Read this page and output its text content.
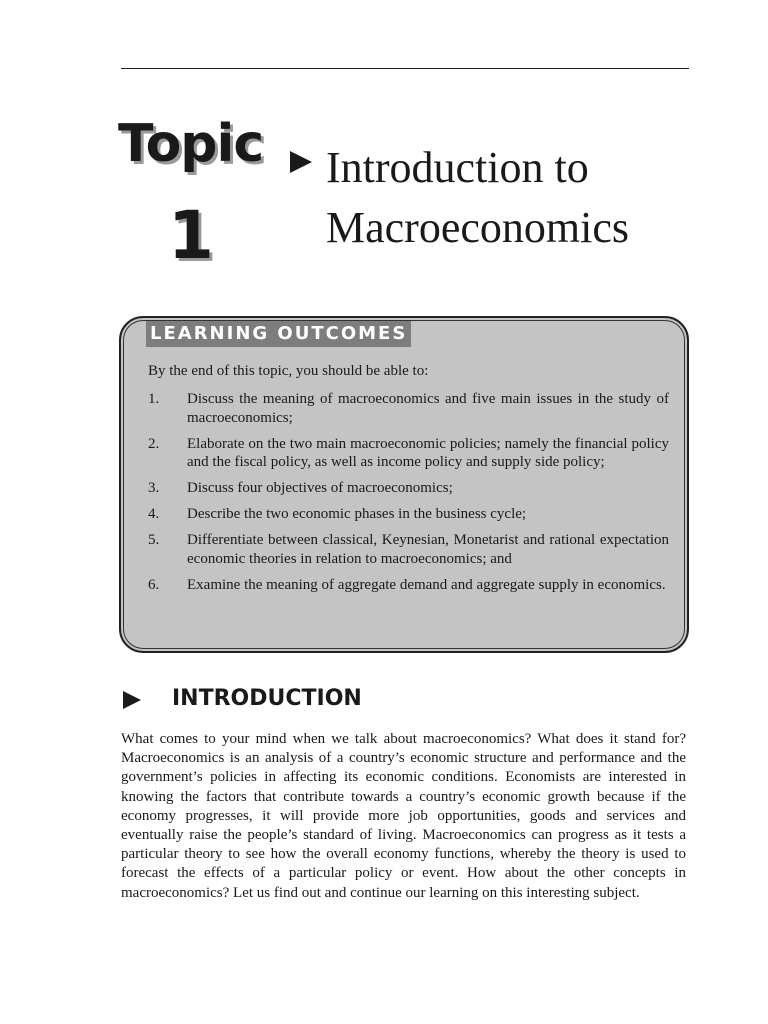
Topic
1
Introduction to
Macroeconomics
LEARNING OUTCOMES
By the end of this topic, you should be able to:
1.	Discuss the meaning of macroeconomics and five main issues in the study of macroeconomics;
2.	Elaborate on the two main macroeconomic policies; namely the financial policy and the fiscal policy, as well as income policy and supply side policy;
3.	Discuss four objectives of macroeconomics;
4.	Describe the two economic phases in the business cycle;
5.	Differentiate between classical, Keynesian, Monetarist and rational expectation economic theories in relation to macroeconomics; and
6.	Examine the meaning of aggregate demand and aggregate supply in economics.
INTRODUCTION

What comes to your mind when we talk about macroeconomics? What does it stand for? Macroeconomics is an analysis of a country’s economic structure and performance and the government’s policies in affecting its economic conditions. Economists are interested in knowing the factors that contribute towards a country’s economic growth because if the economy progresses, it will provide more job opportunities, goods and services and eventually raise the people’s standard of living. Macroeconomics can progress as it tests a particular theory to see how the overall economy functions, whereby the theory is used to forecast the effects of a particular policy or event. How about the other concepts in macroeconomics? Let us find out and continue our learning on this interesting subject.
